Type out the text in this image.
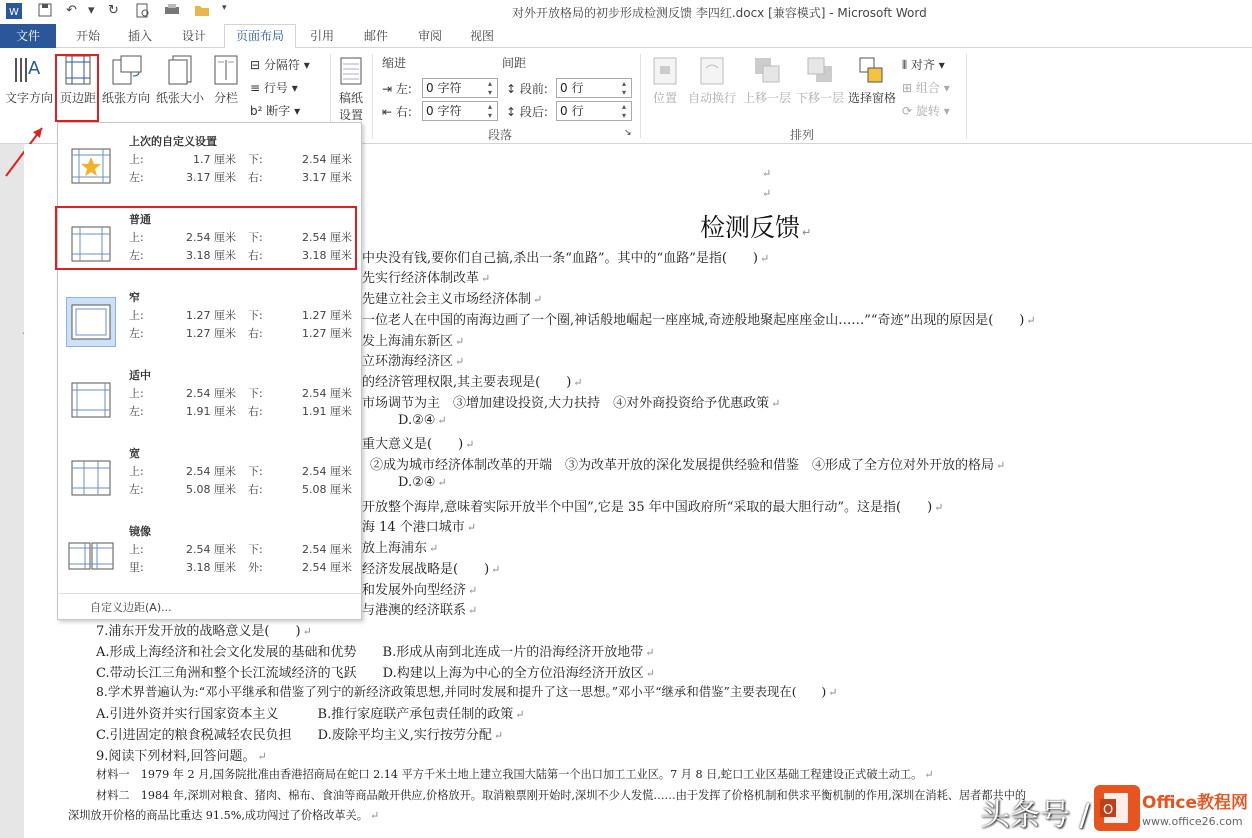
W	↶ ▾ ↻	▾	对外开放格局的初步形成检测反馈 李四红.docx [兼容模式] - Microsoft Word
文件	开始 插入 设计	页面布局	引用 邮件 审阅 视图
A
文字方向 页边距 纸张方向 纸张大小 分栏
⊟ 分隔符 ▾
≡ 行号 ▾
b² 断字 ▾
稿纸
设置
缩进	间距
⇥ 左:	0 字符 ▴▾
⇤ 右:	0 字符 ▴▾
↕ 段前:	0 行 ▴▾
↕ 段后:	0 行 ▴▾
段落	↘
位置 自动换行 上移一层 下移一层 选择窗格
⫴ 对齐 ▾
⊞ 组合 ▾
⟳ 旋转 ▾
排列
↵
↵
检测反馈 ↵
中央没有钱,要你们自己搞,杀出一条“血路”。其中的“血路”是指(　　) ↵
先实行经济体制改革 ↵
先建立社会主义市场经济体制 ↵
一位老人在中国的南海边画了一个圈,神话般地崛起一座座城,奇迹般地聚起座座金山……”“奇迹”出现的原因是(　　) ↵
发上海浦东新区 ↵
立环渤海经济区 ↵
的经济管理权限,其主要表现是(　　) ↵
市场调节为主　③增加建设投资,大力扶持　④对外商投资给予优惠政策 ↵
D.②④ ↵
重大意义是(　　) ↵
②成为城市经济体制改革的开端　③为改革开放的深化发展提供经验和借鉴　④形成了全方位对外开放的格局 ↵
D.②④ ↵
开放整个海岸,意味着实际开放半个中国”,它是 35 年中国政府所“采取的最大胆行动”。这是指(　　) ↵
海 14 个港口城市 ↵
放上海浦东 ↵
经济发展战略是(　　) ↵
和发展外向型经济 ↵
与港澳的经济联系 ↵
7.浦东开发开放的战略意义是(　　) ↵
A.形成上海经济和社会文化发展的基础和优势　　B.形成从南到北连成一片的沿海经济开放地带 ↵
C.带动长江三角洲和整个长江流域经济的飞跃　　D.构建以上海为中心的全方位沿海经济开放区 ↵
8.学术界普遍认为:“邓小平继承和借鉴了列宁的新经济政策思想,并同时发展和提升了这一思想。”邓小平“继承和借鉴”主要表现在(　　) ↵
A.引进外资并实行国家资本主义　　　B.推行家庭联产承包责任制的政策 ↵
C.引进固定的粮食税减轻农民负担　　D.废除平均主义,实行按劳分配 ↵
9.阅读下列材料,回答问题。 ↵
材料一　1979 年 2 月,国务院批准由香港招商局在蛇口 2.14 平方千米土地上建立我国大陆第一个出口加工工业区。7 月 8 日,蛇口工业区基础工程建设正式破土动工。 ↵
材料二　1984 年,深圳对粮食、猪肉、棉布、食油等商品敞开供应,价格放开。取消粮票刚开始时,深圳不少人发慌……由于发挥了价格机制和供求平衡机制的作用,深圳在消耗、居者都共中的
深圳放开价格的商品比重达 91.5%,成功闯过了价格改革关。 ↵
上次的自定义设置
上:	1.7 厘米 下:	2.54 厘米
左:	3.17 厘米 右:	3.17 厘米
普通
上:	2.54 厘米 下:	2.54 厘米
左:	3.18 厘米 右:	3.18 厘米
窄
上:	1.27 厘米 下:	1.27 厘米
左:	1.27 厘米 右:	1.27 厘米
适中
上:	2.54 厘米 下:	2.54 厘米
左:	1.91 厘米 右:	1.91 厘米
宽
上:	2.54 厘米 下:	2.54 厘米
左:	5.08 厘米 右:	5.08 厘米
镜像
上:	2.54 厘米 下:	2.54 厘米
里:	3.18 厘米 外:	2.54 厘米
自定义边距(A)...
头条号 / O Office教程网
www.office26.com
